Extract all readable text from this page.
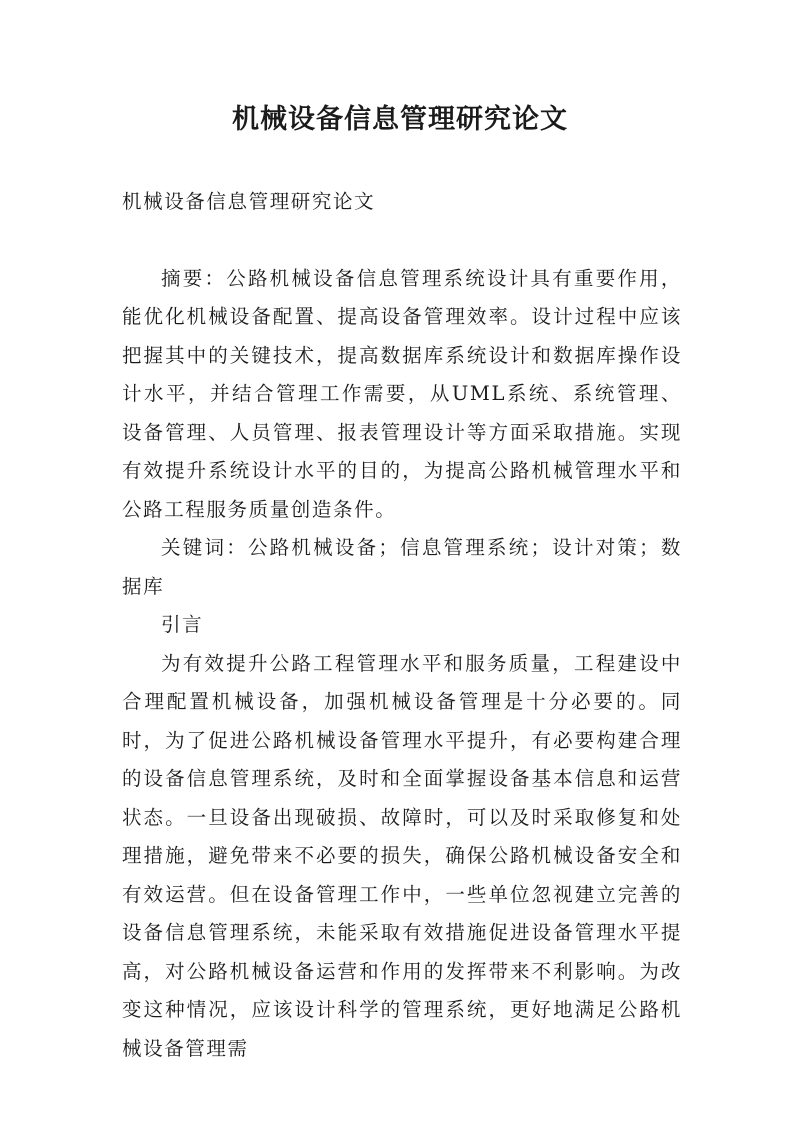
机械设备信息管理研究论文

机械设备信息管理研究论文

摘要：公路机械设备信息管理系统设计具有重要作用，能优化机械设备配置、提高设备管理效率。设计过程中应该把握其中的关键技术，提高数据库系统设计和数据库操作设计水平，并结合管理工作需要，从UML系统、系统管理、设备管理、人员管理、报表管理设计等方面采取措施。实现有效提升系统设计水平的目的，为提高公路机械管理水平和公路工程服务质量创造条件。

关键词：公路机械设备；信息管理系统；设计对策；数据库

引言

为有效提升公路工程管理水平和服务质量，工程建设中合理配置机械设备，加强机械设备管理是十分必要的。同时，为了促进公路机械设备管理水平提升，有必要构建合理的设备信息管理系统，及时和全面掌握设备基本信息和运营状态。一旦设备出现破损、故障时，可以及时采取修复和处理措施，避免带来不必要的损失，确保公路机械设备安全和有效运营。但在设备管理工作中，一些单位忽视建立完善的设备信息管理系统，未能采取有效措施促进设备管理水平提高，对公路机械设备运营和作用的发挥带来不利影响。为改变这种情况，应该设计科学的管理系统，更好地满足公路机械设备管理需
